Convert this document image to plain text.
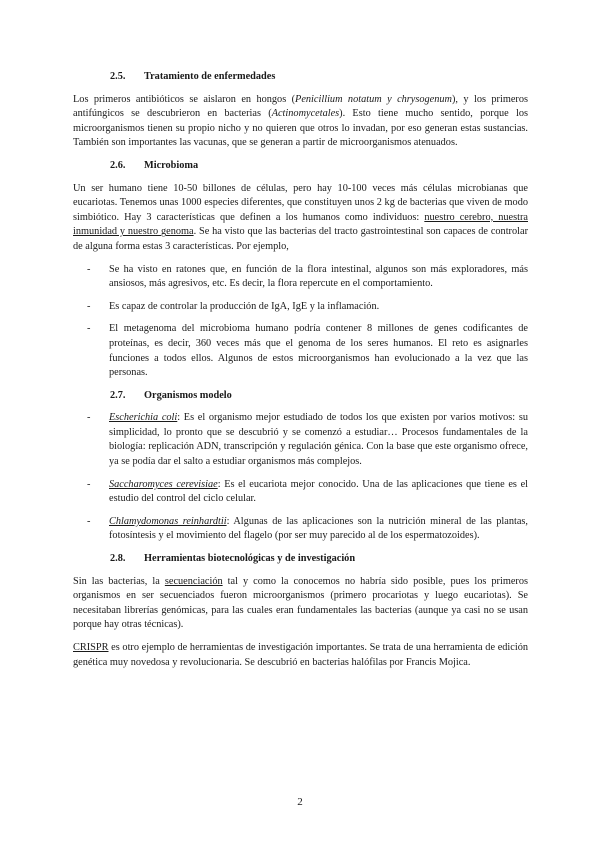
2.5.	Tratamiento de enfermedades

Los primeros antibióticos se aislaron en hongos (Penicillium notatum y chrysogenum), y los primeros antifúngicos se descubrieron en bacterias (Actinomycetales). Esto tiene mucho sentido, porque los microorganismos tienen su propio nicho y no quieren que otros lo invadan, por eso generan estas sustancias. También son importantes las vacunas, que se generan a partir de microorganismos atenuados.

2.6.	Microbioma

Un ser humano tiene 10-50 billones de células, pero hay 10-100 veces más células microbianas que eucariotas. Tenemos unas 1000 especies diferentes, que constituyen unos 2 kg de bacterias que viven de modo simbiótico. Hay 3 características que definen a los humanos como individuos: nuestro cerebro, nuestra inmunidad y nuestro genoma. Se ha visto que las bacterias del tracto gastrointestinal son capaces de controlar de alguna forma estas 3 características. Por ejemplo,

- Se ha visto en ratones que, en función de la flora intestinal, algunos son más exploradores, más ansiosos, más agresivos, etc. Es decir, la flora repercute en el comportamiento.
- Es capaz de controlar la producción de IgA, IgE y la inflamación.
- El metagenoma del microbioma humano podría contener 8 millones de genes codificantes de proteínas, es decir, 360 veces más que el genoma de los seres humanos. El reto es asignarles funciones a todos ellos. Algunos de estos microorganismos han evolucionado a la vez que las personas.
2.7.	Organismos modelo
- Escherichia coli: Es el organismo mejor estudiado de todos los que existen por varios motivos: su simplicidad, lo pronto que se descubrió y se comenzó a estudiar… Procesos fundamentales de la biología: replicación ADN, transcripción y regulación génica. Con la base que este organismo ofrece, ya se podía dar el salto a estudiar organismos más complejos.
- Saccharomyces cerevisiae: Es el eucariota mejor conocido. Una de las aplicaciones que tiene es el estudio del control del ciclo celular.
- Chlamydomonas reinhardtii: Algunas de las aplicaciones son la nutrición mineral de las plantas, fotosíntesis y el movimiento del flagelo (por ser muy parecido al de los espermatozoides).
2.8.	Herramientas biotecnológicas y de investigación

Sin las bacterias, la secuenciación tal y como la conocemos no habría sido posible, pues los primeros organismos en ser secuenciados fueron microorganismos (primero procariotas y luego eucariotas). Se necesitaban librerías genómicas, para las cuales eran fundamentales las bacterias (aunque ya casi no se usan porque hay otras técnicas).

CRISPR es otro ejemplo de herramientas de investigación importantes. Se trata de una herramienta de edición genética muy novedosa y revolucionaria. Se descubrió en bacterias halófilas por Francis Mojica.

2
